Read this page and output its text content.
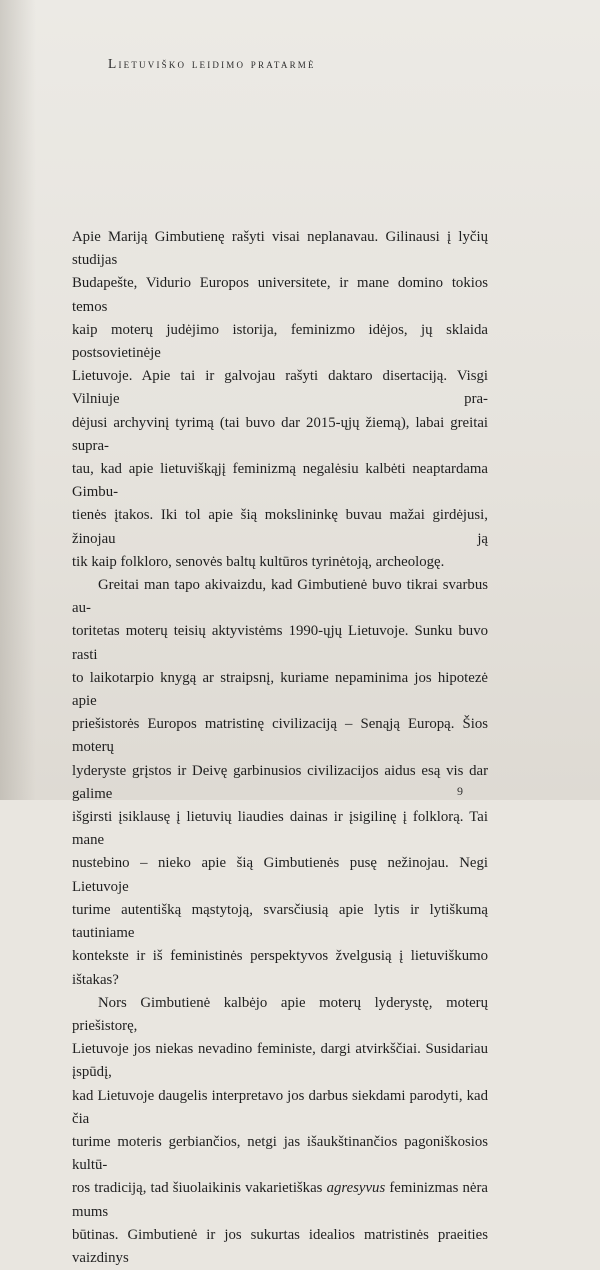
Lietuviško leidimo pratarmė

Apie Mariją Gimbutienę rašyti visai neplanavau. Gilinausi į lyčių studijas

Budapešte, Vidurio Europos universitete, ir mane domino tokios temos

kaip moterų judėjimo istorija, feminizmo idėjos, jų sklaida postsovietinėje

Lietuvoje. Apie tai ir galvojau rašyti daktaro disertaciją. Visgi Vilniuje pra-

dėjusi archyvinį tyrimą (tai buvo dar 2015-ųjų žiemą), labai greitai supra-

tau, kad apie lietuviškąjį feminizmą negalėsiu kalbėti neaptardama Gimbu-

tienės įtakos. Iki tol apie šią mokslininkę buvau mažai girdėjusi, žinojau ją

tik kaip folkloro, senovės baltų kultūros tyrinėtoją, archeologę.

Greitai man tapo akivaizdu, kad Gimbutienė buvo tikrai svarbus au-

toritetas moterų teisių aktyvistėms 1990-ųjų Lietuvoje. Sunku buvo rasti

to laikotarpio knygą ar straipsnį, kuriame nepaminima jos hipotezė apie

priešistorės Europos matristinę civilizaciją – Senąją Europą. Šios moterų

lyderyste grįstos ir Deivę garbinusios civilizacijos aidus esą vis dar galime

išgirsti įsiklausę į lietuvių liaudies dainas ir įsigilinę į folklorą. Tai mane

nustebino – nieko apie šią Gimbutienės pusę nežinojau. Negi Lietuvoje

turime autentišką mąstytoją, svarsčiusią apie lytis ir lytiškumą tautiniame

kontekste ir iš feministinės perspektyvos žvelgusią į lietuviškumo ištakas?

Nors Gimbutienė kalbėjo apie moterų lyderystę, moterų priešistorę,

Lietuvoje jos niekas nevadino feministe, dargi atvirkščiai. Susidariau įspūdį,

kad Lietuvoje daugelis interpretavo jos darbus siekdami parodyti, kad čia

turime moteris gerbiančios, netgi jas išaukštinančios pagoniškosios kultū-

ros tradiciją, tad šiuolaikinis vakarietiškas agresyvus feminizmas nėra mums

būtinas. Gimbutienė ir jos sukurtas idealios matristinės praeities vaizdinys

9
